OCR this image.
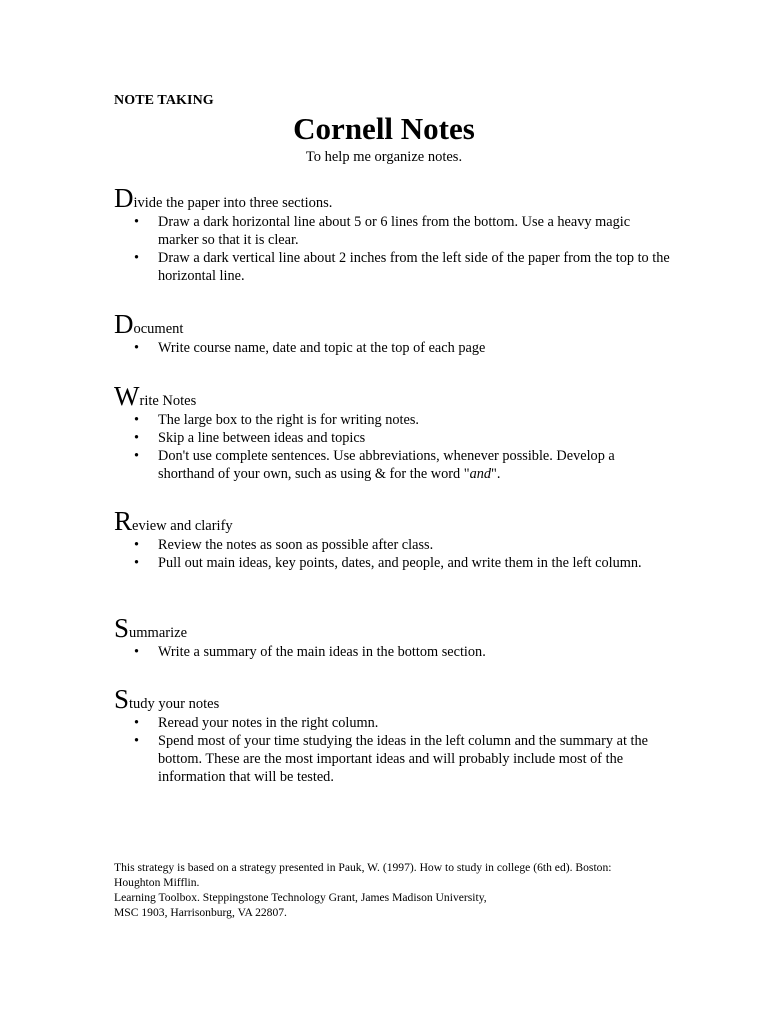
NOTE TAKING
Cornell Notes
To help me organize notes.
Divide the paper into three sections.
• Draw a dark horizontal line about 5 or 6 lines from the bottom. Use a heavy magic marker so that it is clear.
• Draw a dark vertical line about 2 inches from the left side of the paper from the top to the horizontal line.
Document
• Write course name, date and topic at the top of each page
Write Notes
• The large box to the right is for writing notes.
• Skip a line between ideas and topics
• Don't use complete sentences. Use abbreviations, whenever possible. Develop a shorthand of your own, such as using & for the word "and".
Review and clarify
• Review the notes as soon as possible after class.
• Pull out main ideas, key points, dates, and people, and write them in the left column.
Summarize
• Write a summary of the main ideas in the bottom section.
Study your notes
• Reread your notes in the right column.
• Spend most of your time studying the ideas in the left column and the summary at the bottom. These are the most important ideas and will probably include most of the information that will be tested.
This strategy is based on a strategy presented in Pauk, W. (1997). How to study in college (6th ed). Boston:
Houghton Mifflin.
Learning Toolbox. Steppingstone Technology Grant, James Madison University,
MSC 1903, Harrisonburg, VA 22807.
